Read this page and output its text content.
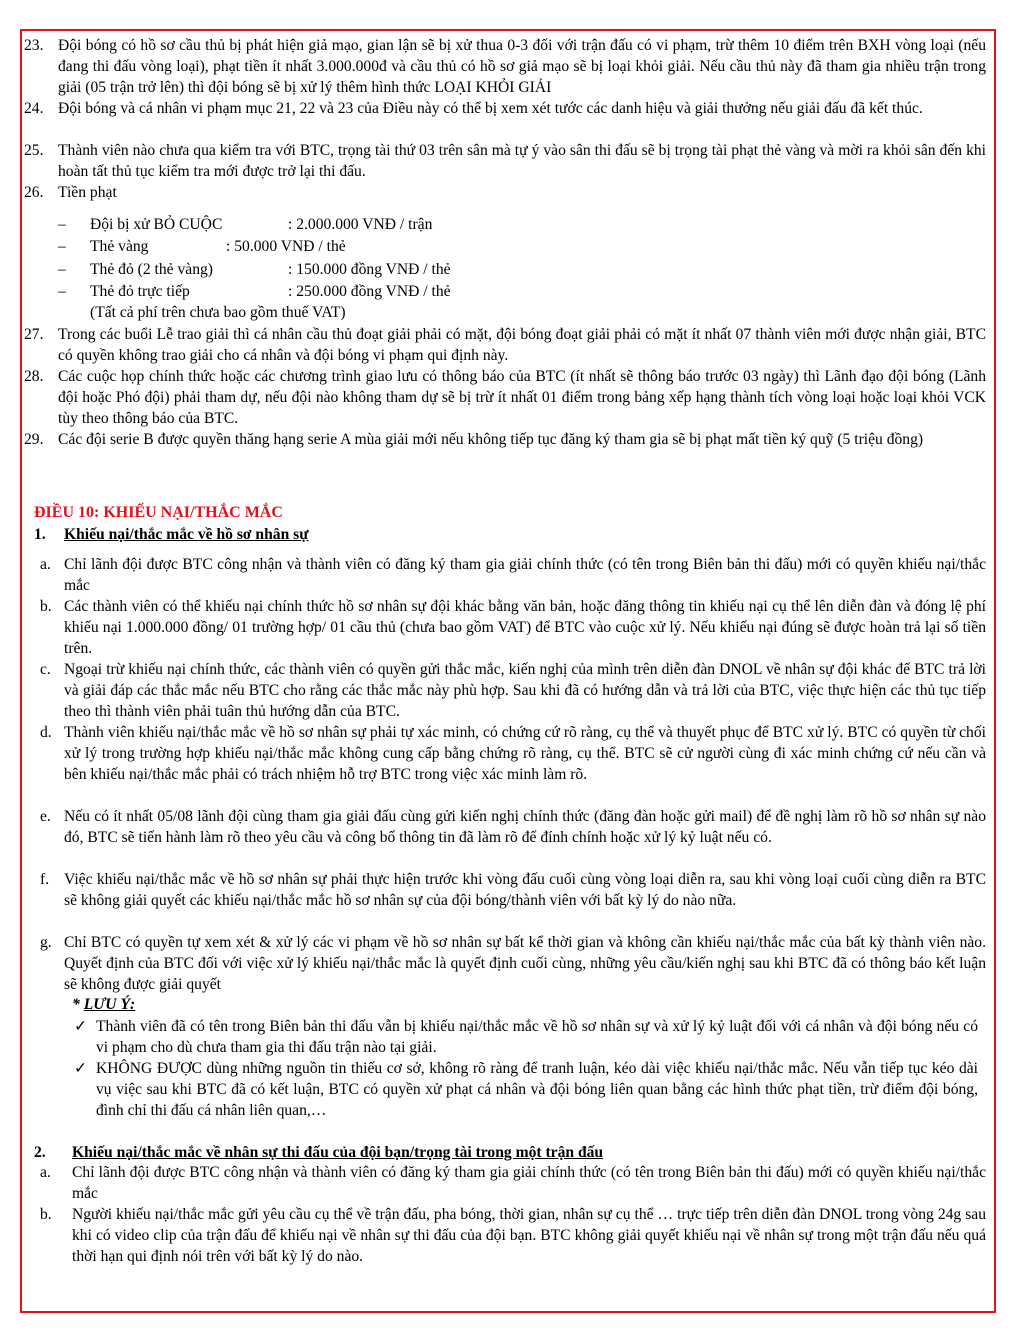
23. Đội bóng có hồ sơ cầu thủ bị phát hiện giả mạo, gian lận sẽ bị xử thua 0-3 đối với trận đấu có vi phạm, trừ thêm 10 điểm trên BXH vòng loại (nếu đang thi đấu vòng loại), phạt tiền ít nhất 3.000.000đ và cầu thủ có hồ sơ giả mạo sẽ bị loại khỏi giải. Nếu cầu thủ này đã tham gia nhiều trận trong giải (05 trận trở lên) thì đội bóng sẽ bị xử lý thêm hình thức LOẠI KHỎI GIẢI
24. Đội bóng và cá nhân vi phạm mục 21, 22 và 23 của Điều này có thể bị xem xét tước các danh hiệu và giải thưởng nếu giải đấu đã kết thúc.
25. Thành viên nào chưa qua kiểm tra với BTC, trọng tài thứ 03 trên sân mà tự ý vào sân thi đấu sẽ bị trọng tài phạt thẻ vàng và mời ra khỏi sân đến khi hoàn tất thủ tục kiểm tra mới được trở lại thi đấu.
26. Tiền phạt
–	Đội bị xử BỎ CUỘC	: 2.000.000 VNĐ / trận
–	Thẻ vàng	: 50.000 VNĐ / thẻ
–	Thẻ đỏ (2 thẻ vàng)	: 150.000 đồng VNĐ / thẻ
–	Thẻ đỏ trực tiếp	: 250.000 đồng VNĐ / thẻ
(Tất cả phí trên chưa bao gồm thuế VAT)
27. Trong các buổi Lễ trao giải thì cá nhân cầu thủ đoạt giải phải có mặt, đội bóng đoạt giải phải có mặt ít nhất 07 thành viên mới được nhận giải, BTC có quyền không trao giải cho cá nhân và đội bóng vi phạm qui định này.
28. Các cuộc họp chính thức hoặc các chương trình giao lưu có thông báo của BTC (ít nhất sẽ thông báo trước 03 ngày) thì Lãnh đạo đội bóng (Lãnh đội hoặc Phó đội) phải tham dự, nếu đội nào không tham dự sẽ bị trừ ít nhất 01 điểm trong bảng xếp hạng thành tích vòng loại hoặc loại khỏi VCK tùy theo thông báo của BTC.
29. Các đội serie B được quyền thăng hạng serie A mùa giải mới nếu không tiếp tục đăng ký tham gia sẽ bị phạt mất tiền ký quỹ (5 triệu đồng)
ĐIỀU 10: KHIẾU NẠI/THẮC MẮC
1. Khiếu nại/thắc mắc về hồ sơ nhân sự
a. Chỉ lãnh đội được BTC công nhận và thành viên có đăng ký tham gia giải chính thức (có tên trong Biên bản thi đấu) mới có quyền khiếu nại/thắc mắc
b. Các thành viên có thể khiếu nại chính thức hồ sơ nhân sự đội khác bằng văn bản, hoặc đăng thông tin khiếu nại cụ thể lên diễn đàn và đóng lệ phí khiếu nại 1.000.000 đồng/ 01 trường hợp/ 01 cầu thủ (chưa bao gồm VAT) để BTC vào cuộc xử lý. Nếu khiếu nại đúng sẽ được hoàn trả lại số tiền trên.
c. Ngoại trừ khiếu nại chính thức, các thành viên có quyền gửi thắc mắc, kiến nghị của mình trên diễn đàn DNOL về nhân sự đội khác để BTC trả lời và giải đáp các thắc mắc nếu BTC cho rằng các thắc mắc này phù hợp. Sau khi đã có hướng dẫn và trả lời của BTC, việc thực hiện các thủ tục tiếp theo thì thành viên phải tuân thủ hướng dẫn của BTC.
d. Thành viên khiếu nại/thắc mắc về hồ sơ nhân sự phải tự xác minh, có chứng cứ rõ ràng, cụ thể và thuyết phục để BTC xử lý. BTC có quyền từ chối xử lý trong trường hợp khiếu nại/thắc mắc không cung cấp bằng chứng rõ ràng, cụ thể. BTC sẽ cử người cùng đi xác minh chứng cứ nếu cần và bên khiếu nại/thắc mắc phải có trách nhiệm hỗ trợ BTC trong việc xác minh làm rõ.
e. Nếu có ít nhất 05/08 lãnh đội cùng tham gia giải đấu cùng gửi kiến nghị chính thức (đăng đàn hoặc gửi mail) để đề nghị làm rõ hồ sơ nhân sự nào đó, BTC sẽ tiến hành làm rõ theo yêu cầu và công bố thông tin đã làm rõ để đính chính hoặc xử lý kỷ luật nếu có.
f. Việc khiếu nại/thắc mắc về hồ sơ nhân sự phải thực hiện trước khi vòng đấu cuối cùng vòng loại diễn ra, sau khi vòng loại cuối cùng diễn ra BTC sẽ không giải quyết các khiếu nại/thắc mắc hồ sơ nhân sự của đội bóng/thành viên với bất kỳ lý do nào nữa.
g. Chỉ BTC có quyền tự xem xét & xử lý các vi phạm về hồ sơ nhân sự bất kể thời gian và không cần khiếu nại/thắc mắc của bất kỳ thành viên nào. Quyết định của BTC đối với việc xử lý khiếu nại/thắc mắc là quyết định cuối cùng, những yêu cầu/kiến nghị sau khi BTC đã có thông báo kết luận sẽ không được giải quyết
* LƯU Ý:
✓ Thành viên đã có tên trong Biên bản thi đấu vẫn bị khiếu nại/thắc mắc về hồ sơ nhân sự và xử lý kỷ luật đối với cá nhân và đội bóng nếu có vi phạm cho dù chưa tham gia thi đấu trận nào tại giải.
✓ KHÔNG ĐƯỢC dùng những nguồn tin thiếu cơ sở, không rõ ràng để tranh luận, kéo dài việc khiếu nại/thắc mắc. Nếu vẫn tiếp tục kéo dài vụ việc sau khi BTC đã có kết luận, BTC có quyền xử phạt cá nhân và đội bóng liên quan bằng các hình thức phạt tiền, trừ điểm đội bóng, đình chỉ thi đấu cá nhân liên quan,…
2. Khiếu nại/thắc mắc về nhân sự thi đấu của đội bạn/trọng tài trong một trận đấu
a.	Chỉ lãnh đội được BTC công nhận và thành viên có đăng ký tham gia giải chính thức (có tên trong Biên bản thi đấu) mới có quyền khiếu nại/thắc mắc
b.	Người khiếu nại/thắc mắc gửi yêu cầu cụ thể về trận đấu, pha bóng, thời gian, nhân sự cụ thể … trực tiếp trên diễn đàn DNOL trong vòng 24g sau khi có video clip của trận đấu để khiếu nại về nhân sự thi đấu của đội bạn. BTC không giải quyết khiếu nại về nhân sự trong một trận đấu nếu quá thời hạn qui định nói trên với bất kỳ lý do nào.
